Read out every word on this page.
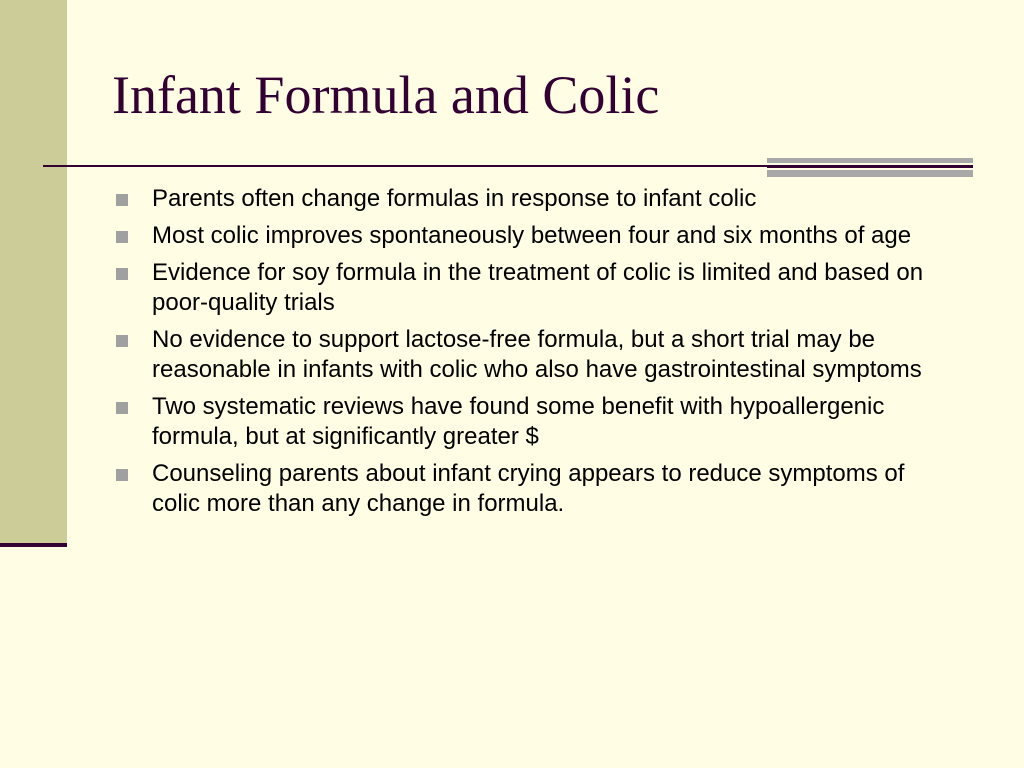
Infant Formula and Colic
Parents often change formulas in response to infant colic
Most colic improves spontaneously between four and six months of age
Evidence for soy formula in the treatment of colic is limited and based on poor-quality trials
No evidence to support lactose-free formula, but a short trial may be reasonable in infants with colic who also have gastrointestinal symptoms
Two systematic reviews have found some benefit with hypoallergenic formula, but at significantly greater $
Counseling parents about infant crying appears to reduce symptoms of colic more than any change in formula.
